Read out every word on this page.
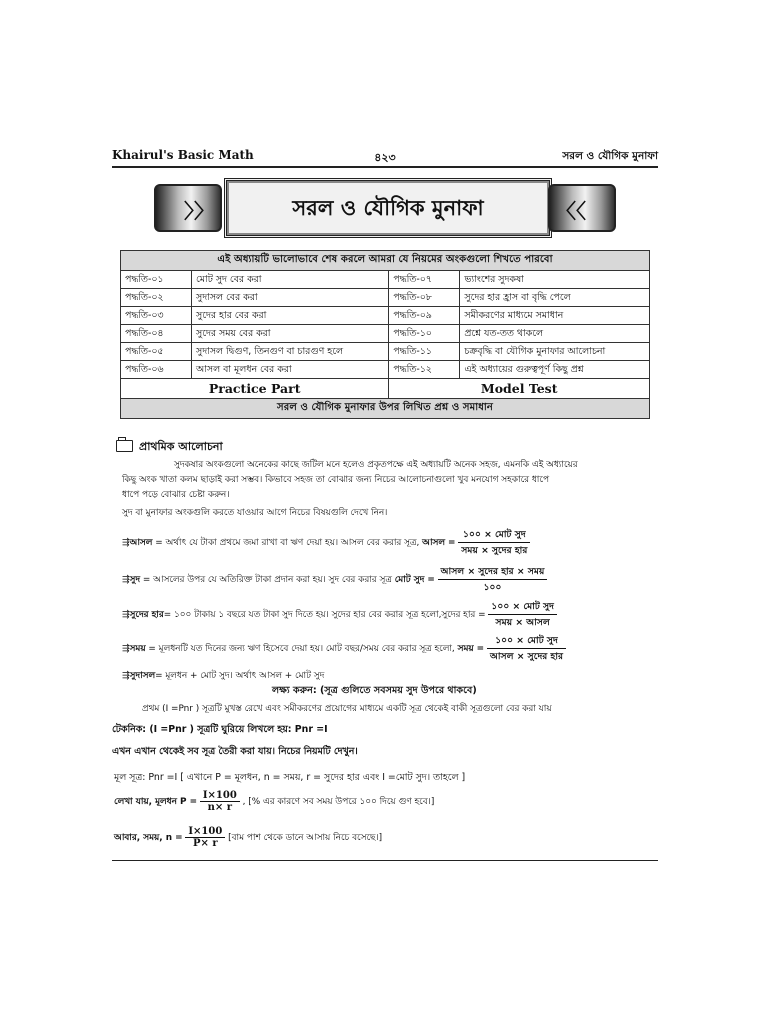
Khairul's Basic Math	৪২৩	সরল ও যৌগিক মুনাফা
〉〉	সরল ও যৌগিক মুনাফা	〈〈
এই অধ্যায়টি ভালোভাবে শেষ করলে আমরা যে নিয়মের অংকগুলো শিখতে পারবো			
পদ্ধতি-০১	মোট সুদ বের করা	পদ্ধতি-০৭	ভ্যাংশের সুদকষা
পদ্ধতি-০২	সুদাসল বের করা	পদ্ধতি-০৮	সুদের হার হ্রাস বা বৃদ্ধি পেলে
পদ্ধতি-০৩	সুদের হার বের করা	পদ্ধতি-০৯	সমীকরণের মাধ্যমে সমাধান
পদ্ধতি-০৪	সুদের সময় বের করা	পদ্ধতি-১০	প্রশ্নে যত-তত থাকলে
পদ্ধতি-০৫	সুদাসল দ্বিগুণ, তিনগুণ বা চারগুণ হলে	পদ্ধতি-১১	চক্রবৃদ্ধি বা যৌগিক মুনাফার আলোচনা
পদ্ধতি-০৬	আসল বা মূলধন বের করা	পদ্ধতি-১২	এই অধ্যায়ের গুরুত্বপূর্ণ কিছু প্রশ্ন
Practice Part		Model Test	
সরল ও যৌগিক মুনাফার উপর লিখিত প্রশ্ন ও সমাধান			
প্রাথমিক আলোচনা
সুদকষার অংকগুলো অনেকের কাছে জটিল মনে হলেও প্রকৃতপক্ষে এই অধ্যায়টি অনেক সহজ, এমনকি এই অধ্যায়ের
কিছু অংক খাতা কলম ছাড়াই করা সম্ভব। কিভাবে সহজ তা বোঝার জন্য নিচের আলোচনাগুলো খুব মনযোগ সহকারে ধাপে
ধাপে পড়ে বোঝার চেষ্টা করুন।
সুদ বা মুনাফার অংকগুলি করতে যাওয়ার আগে নিচের বিষয়গুলি দেখে নিন।
⇶আসল = অর্থাৎ যে টাকা প্রথমে জমা রাখা বা ঋণ দেয়া হয়। আসল বের করার সূত্র, আসল = $\frac{\text{১০০ × মোট সুদ}}{\text{সময় × সুদের হার}}$
⇶সুদ = আসলের উপর যে অতিরিক্ত টাকা প্রদান করা হয়। সুদ বের করার সূত্র মোট সুদ = $\frac{\text{আসল × সুদের হার × সময়}}{১০০}$
⇶সুদের হার= ১০০ টাকায় ১ বছরে যত টাকা সুদ দিতে হয়। সুদের হার বের করার সূত্র হলো,সুদের হার = $\frac{\text{১০০ × মোট সুদ}}{\text{সময় × আসল}}$
⇶সময় = মূলধনটি যত দিনের জন্য ঋণ হিসেবে দেয়া হয়। মোট বছর/সময় বের করার সূত্র হলো, সময় = $\frac{\text{১০০ × মোট সুদ}}{\text{আসল × সুদের হার}}$
⇶সুদাসল= মূলধন + মোট সুদ। অর্থাৎ আসল + মোট সুদ
লক্ষ্য করুন: (সূত্র গুলিতে সবসময় সুদ উপরে থাকবে)
প্রথম (I =Pnr ) সূত্রটি মুখস্ত রেখে এবং সমীকরণের প্রয়োগের মাধ্যমে একটি সূত্র থেকেই বাকী সূত্রগুলো বের করা যায়
টেকনিক: (I =Pnr ) সূত্রটি ঘুরিয়ে লিখলে হয়: Pnr =I
এখন এখান থেকেই সব সূত্র তৈরী করা যায়। নিচের নিয়মটি দেখুন।
মূল সূত্র: Pnr =I [ এখানে P = মূলধন, n = সময়, r = সুদের হার এবং I =মোট সুদ। তাহলে ]
লেখা যায়, মূলধন $P = \frac{I\times 100}{n\times r}$ , [% এর কারণে সব সময় উপরে ১০০ দিয়ে গুণ হবে।]
আবার, সময়, $n = \frac{I\times 100}{P\times r}$ [বাম পাশ থেকে ডানে আসায় নিচে বসেছে।]
